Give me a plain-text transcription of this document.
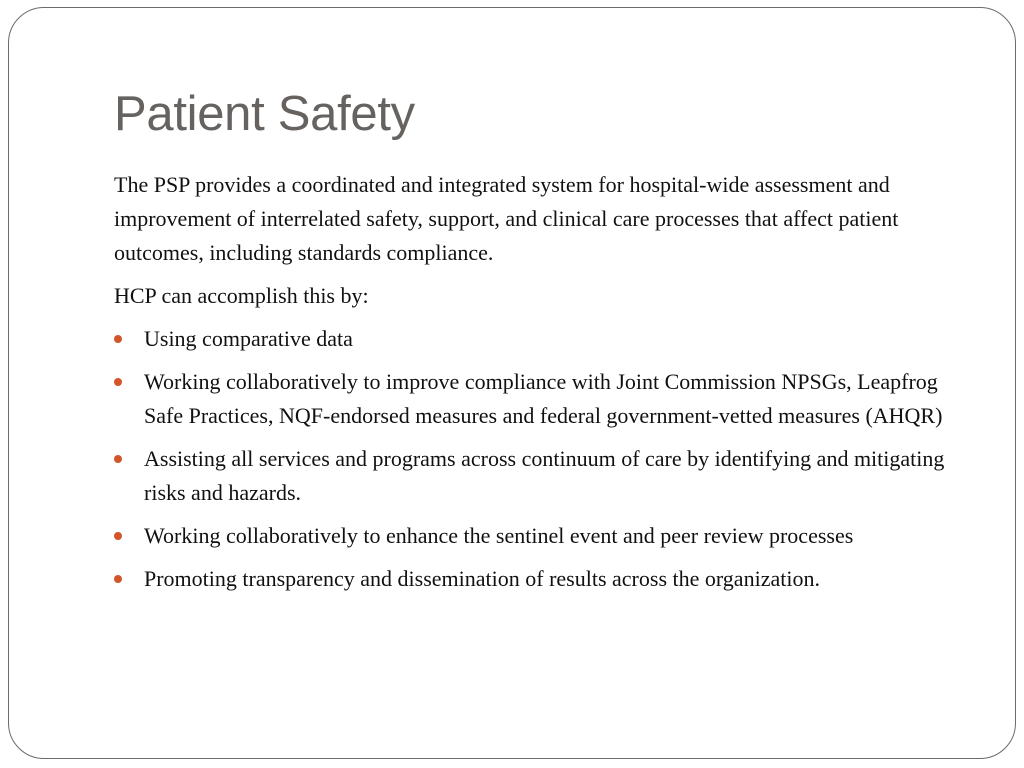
Patient Safety

The PSP provides a coordinated and integrated system for hospital-wide assessment and improvement of interrelated safety, support, and clinical care processes that affect patient outcomes, including standards compliance.

HCP can accomplish this by:

Using comparative data
Working collaboratively to improve compliance with Joint Commission NPSGs, Leapfrog Safe Practices, NQF-endorsed measures and federal government-vetted measures (AHQR)
Assisting all services and programs across continuum of care by identifying and mitigating risks and hazards.
Working collaboratively to enhance the sentinel event and peer review processes
Promoting transparency and dissemination of results across the organization.
